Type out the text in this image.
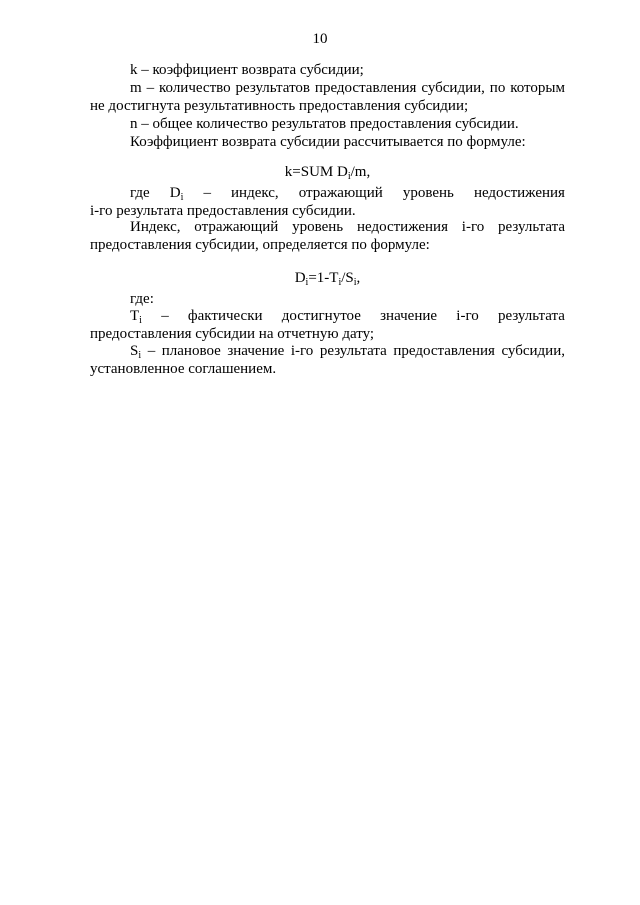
10
k – коэффициент возврата субсидии;
m – количество результатов предоставления субсидии, по которым не достигнута результативность предоставления субсидии;
n – общее количество результатов предоставления субсидии.
Коэффициент возврата субсидии рассчитывается по формуле:
k=SUM $D_i/m$,
где $D_i$ – индекс, отражающий уровень недостижения
i-го результата предоставления субсидии.
Индекс, отражающий уровень недостижения i-го результата предоставления субсидии, определяется по формуле:
$D_i=1-T_i/S_i$,
где:
$T_i$ – фактически достигнутое значение i-го результата
предоставления субсидии на отчетную дату;
$S_i$ – плановое значение i-го результата предоставления субсидии, установленное соглашением.
